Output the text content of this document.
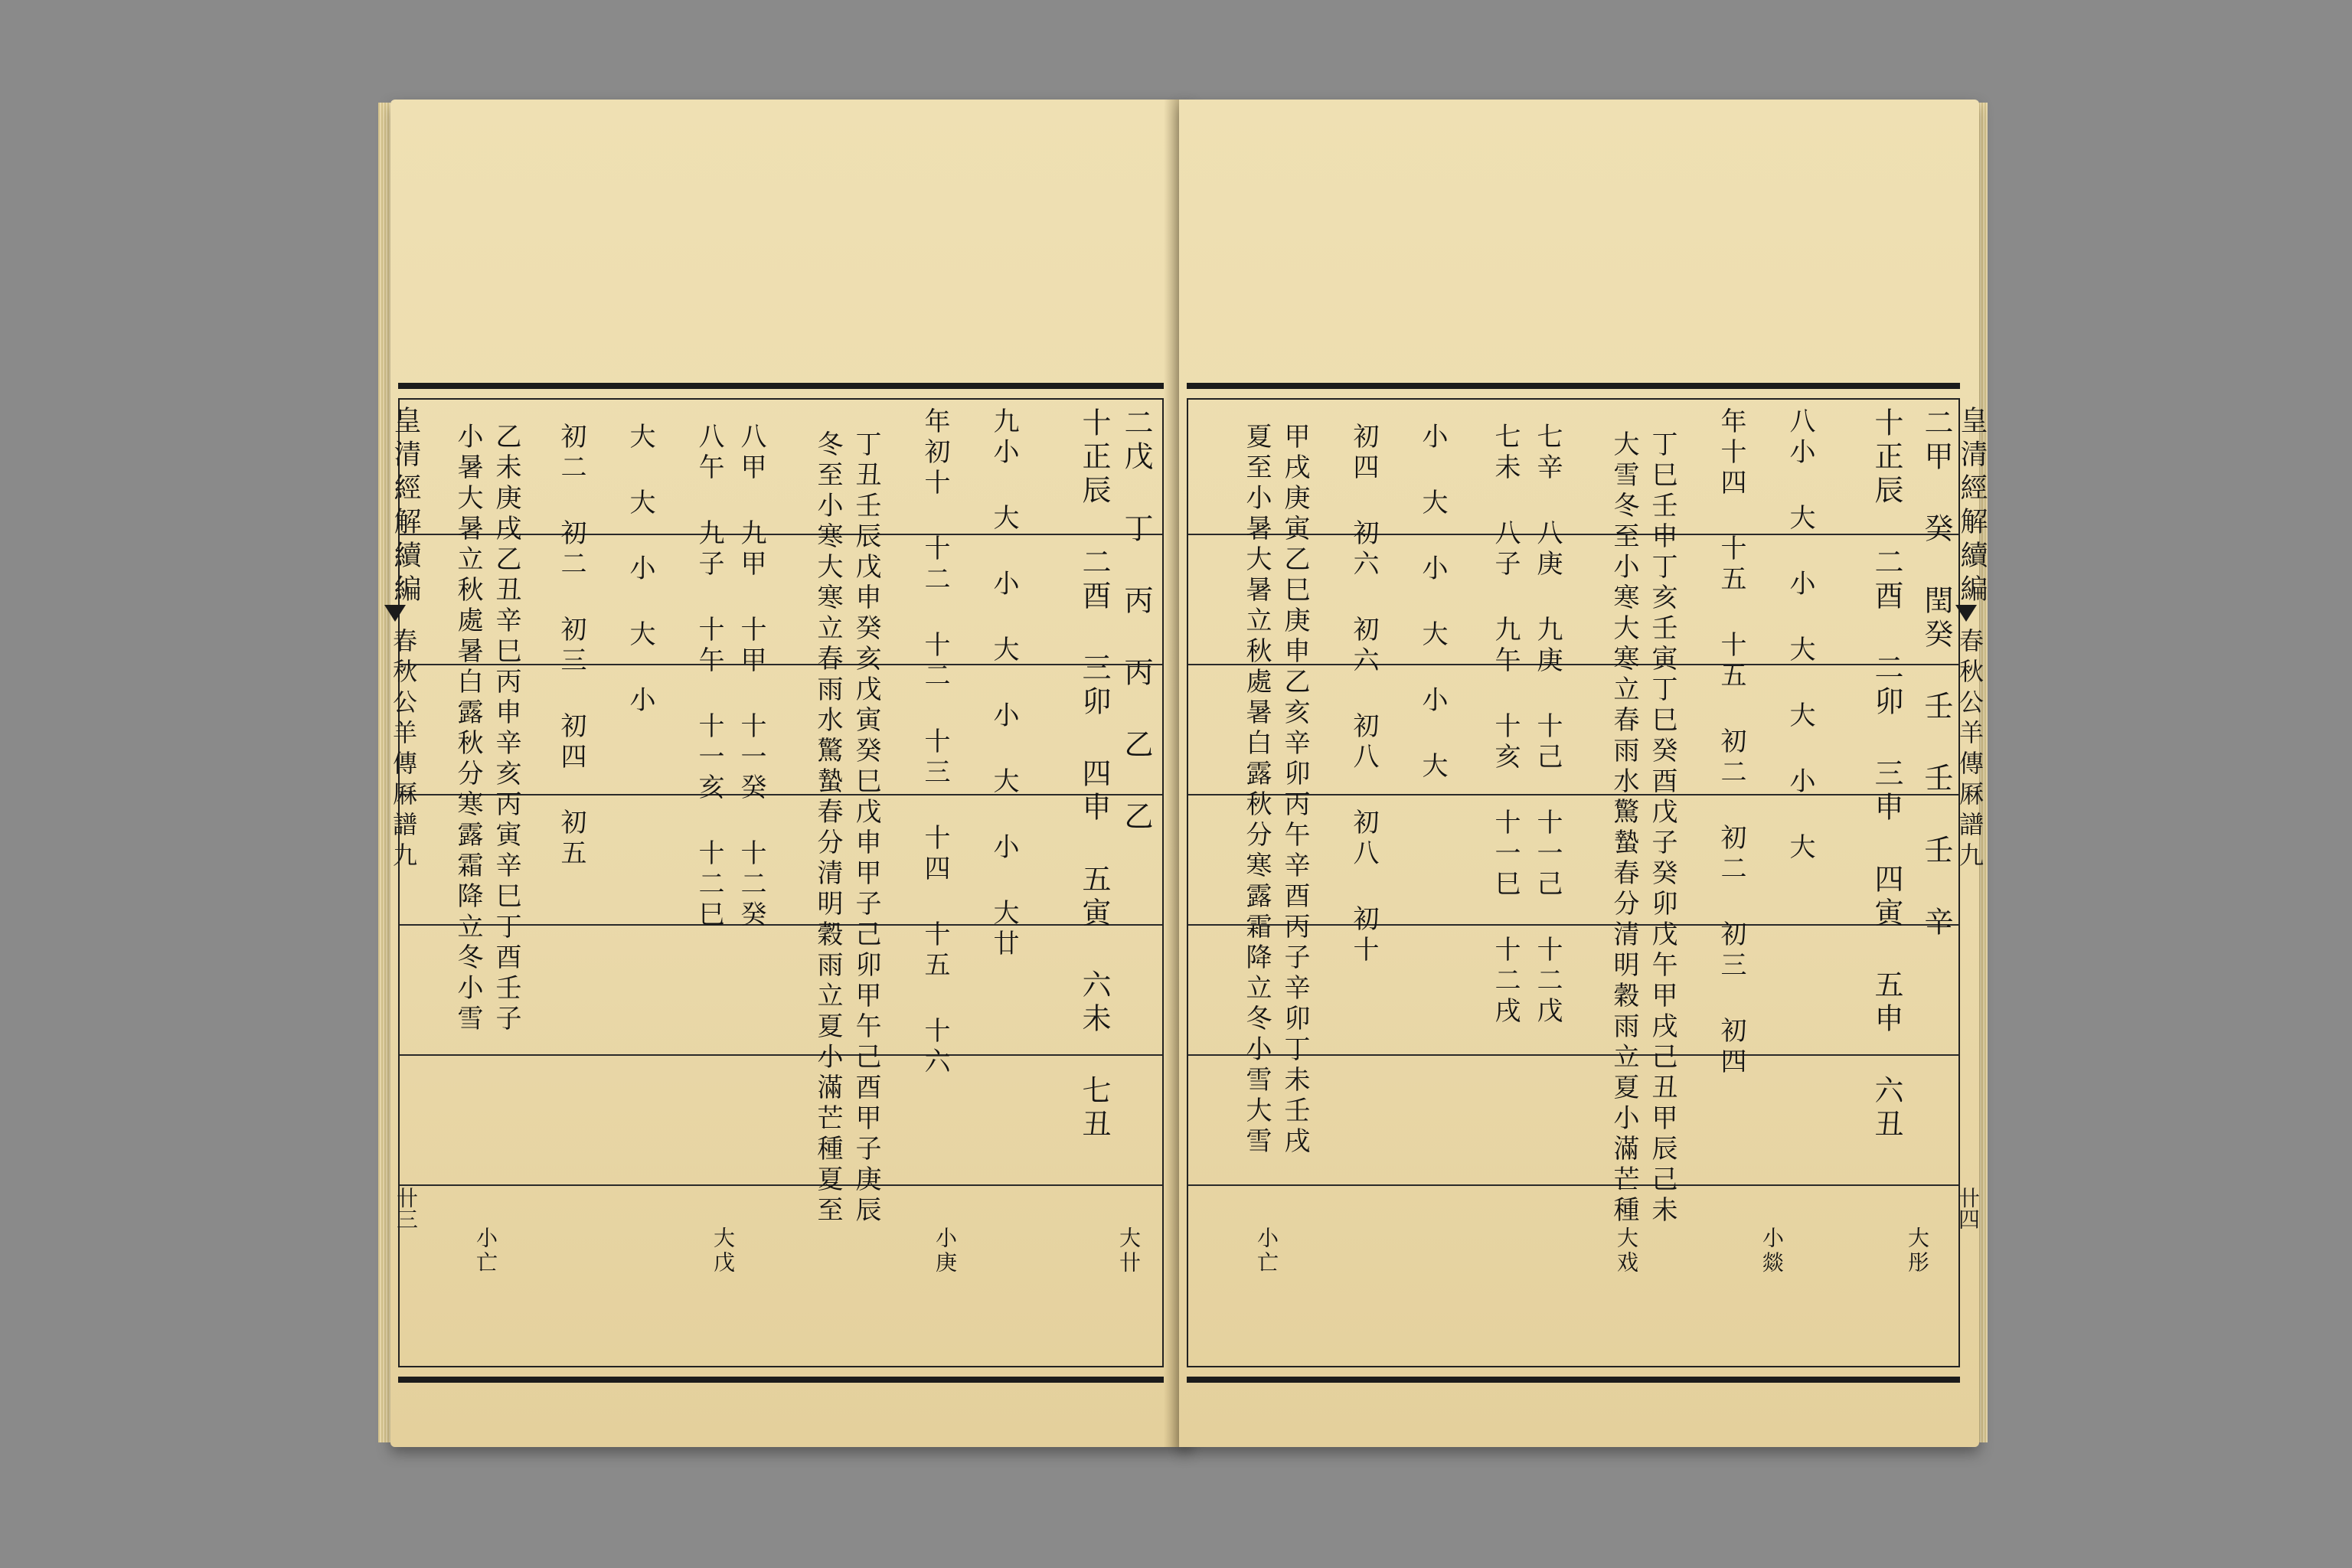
二戊 丁 丙 丙 乙 乙
十正辰 二酉 三卯 四申 五寅 六未 七丑
九小 大 小 大 小 大 小 大廿
年初十 十二 十二 十三 十四 十五 十六
丁丑壬辰戊申癸亥戊寅癸巳戊申甲子己卯甲午己酉甲子庚辰
冬至小寒大寒立春雨水驚蟄春分清明穀雨立夏小滿芒種夏至
八甲 九甲 十甲 十一癸 十二癸
八午 九子 十午 十一亥 十二巳
大 大 小 大 小
初二 初二 初三 初四 初五
乙未庚戌乙丑辛巳丙申辛亥丙寅辛巳丁酉壬子
小暑大暑立秋處暑白露秋分寒露霜降立冬小雪
大卄
小庚
大戊
小亡
皇清經解續編
春秋公羊傳厤譜九
卄三
二甲 癸 閏癸 壬 壬 壬 辛
十正辰 二酉 二卯 三申 四寅 五申 六丑
八小 大 小 大 大 小 大
年十四 十五 十五 初二 初二 初三 初四
丁巳壬申丁亥壬寅丁巳癸酉戊子癸卯戊午甲戌己丑甲辰己未
大雪冬至小寒大寒立春雨水驚蟄春分清明穀雨立夏小滿芒種
七辛 八庚 九庚 十己 十一己 十二戊
七未 八子 九午 十亥 十一巳 十二戌
小 大 小 大 小 大
初四 初六 初六 初八 初八 初十
甲戌庚寅乙巳庚申乙亥辛卯丙午辛酉丙子辛卯丁未壬戌
夏至小暑大暑立秋處暑白露秋分寒露霜降立冬小雪大雪
大彤
小燚
大戏
小亡
皇清經解續編
春秋公羊傳厤譜九
卄四
